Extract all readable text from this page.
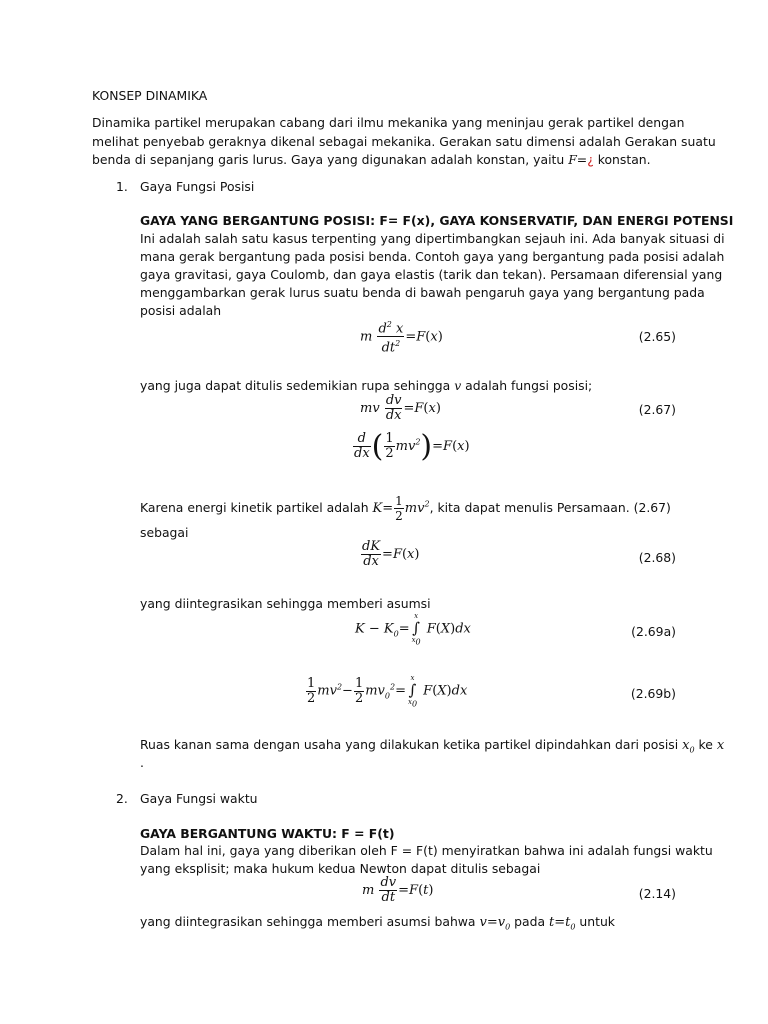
KONSEP DINAMIKA
Dinamika partikel merupakan cabang dari ilmu mekanika yang meninjau gerak partikel dengan
melihat penyebab geraknya dikenal sebagai mekanika. Gerakan satu dimensi adalah Gerakan suatu
benda di sepanjang garis lurus. Gaya yang digunakan adalah konstan, yaitu F=¿ konstan.
1. Gaya Fungsi Posisi
GAYA YANG BERGANTUNG POSISI: F= F(x), GAYA KONSERVATIF, DAN ENERGI POTENSI
Ini adalah salah satu kasus terpenting yang dipertimbangkan sejauh ini. Ada banyak situasi di
mana gerak bergantung pada posisi benda. Contoh gaya yang bergantung pada posisi adalah
gaya gravitasi, gaya Coulomb, dan gaya elastis (tarik dan tekan). Persamaan diferensial yang
menggambarkan gerak lurus suatu benda di bawah pengaruh gaya yang bergantung pada
posisi adalah
m $\frac{d^2 x}{dt^2} =F(x)$	(2.65)
yang juga dapat ditulis sedemikian rupa sehingga v adalah fungsi posisi;
mv $\frac{dv}{dx} =F(x)$	(2.67)
$\frac{d}{dx}$ ( $\frac{1}{2} mv^2)=F(x)$
Karena energi kinetik partikel adalah $K= \frac{1}{2} mv^2$, kita dapat menulis Persamaan. (2.67)
sebagai
$\frac{dK}{dx} =F(x)$	(2.68)
yang diintegrasikan sehingga memberi asumsi
$K - K_0=$
x
∫
$x_0$
F(X)dx	(2.69a)
$\frac{1}{2} mv^2- \frac{1}{2} mv_0^2=$
x
∫
$x_0$
F(X)dx	(2.69b)
Ruas kanan sama dengan usaha yang dilakukan ketika partikel dipindahkan dari posisi $x_0$ ke x
.
2. Gaya Fungsi waktu
GAYA BERGANTUNG WAKTU: F = F(t)
Dalam hal ini, gaya yang diberikan oleh F = F(t) menyiratkan bahwa ini adalah fungsi waktu
yang eksplisit; maka hukum kedua Newton dapat ditulis sebagai
m $\frac{dv}{dt} =F(t)$	(2.14)
yang diintegrasikan sehingga memberi asumsi bahwa $v=v_0$ pada $t=t_0$ untuk
